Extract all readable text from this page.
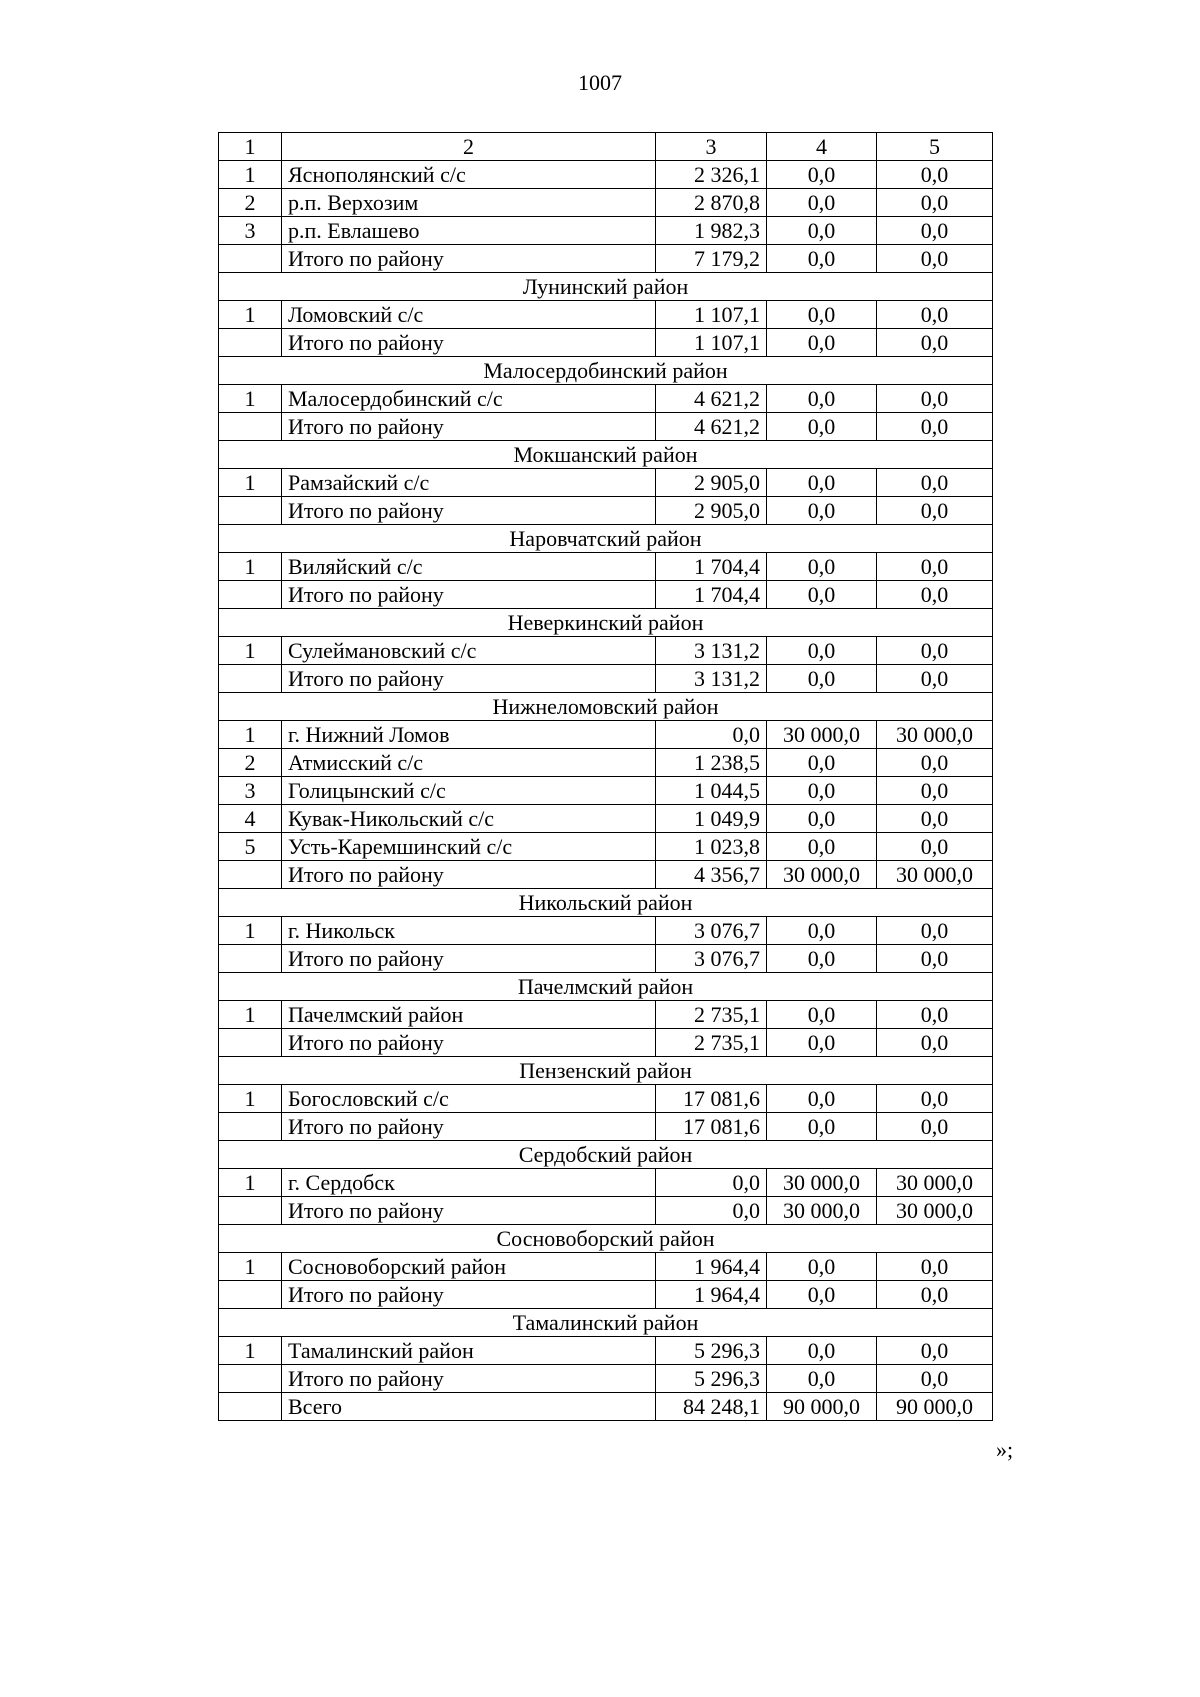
1007
1	2	3	4	5
1	Яснополянский с/с	2 326,1	0,0	0,0
2	р.п. Верхозим	2 870,8	0,0	0,0
3	р.п. Евлашево	1 982,3	0,0	0,0
	Итого по району	7 179,2	0,0	0,0
Лунинский район				
1	Ломовский с/с	1 107,1	0,0	0,0
	Итого по району	1 107,1	0,0	0,0
Малосердобинский район				
1	Малосердобинский с/с	4 621,2	0,0	0,0
	Итого по району	4 621,2	0,0	0,0
Мокшанский район				
1	Рамзайский с/с	2 905,0	0,0	0,0
	Итого по району	2 905,0	0,0	0,0
Наровчатский район				
1	Виляйский с/с	1 704,4	0,0	0,0
	Итого по району	1 704,4	0,0	0,0
Неверкинский район				
1	Сулеймановский с/с	3 131,2	0,0	0,0
	Итого по району	3 131,2	0,0	0,0
Нижнеломовский район				
1	г. Нижний Ломов	0,0	30 000,0	30 000,0
2	Атмисский с/с	1 238,5	0,0	0,0
3	Голицынский с/с	1 044,5	0,0	0,0
4	Кувак-Никольский с/с	1 049,9	0,0	0,0
5	Усть-Каремшинский с/с	1 023,8	0,0	0,0
	Итого по району	4 356,7	30 000,0	30 000,0
Никольский район				
1	г. Никольск	3 076,7	0,0	0,0
	Итого по району	3 076,7	0,0	0,0
Пачелмский район				
1	Пачелмский район	2 735,1	0,0	0,0
	Итого по району	2 735,1	0,0	0,0
Пензенский район				
1	Богословский с/с	17 081,6	0,0	0,0
	Итого по району	17 081,6	0,0	0,0
Сердобский район				
1	г. Сердобск	0,0	30 000,0	30 000,0
	Итого по району	0,0	30 000,0	30 000,0
Сосновоборский район				
1	Сосновоборский район	1 964,4	0,0	0,0
	Итого по району	1 964,4	0,0	0,0
Тамалинский район				
1	Тамалинский район	5 296,3	0,0	0,0
	Итого по району	5 296,3	0,0	0,0
	Всего	84 248,1	90 000,0	90 000,0
»;
